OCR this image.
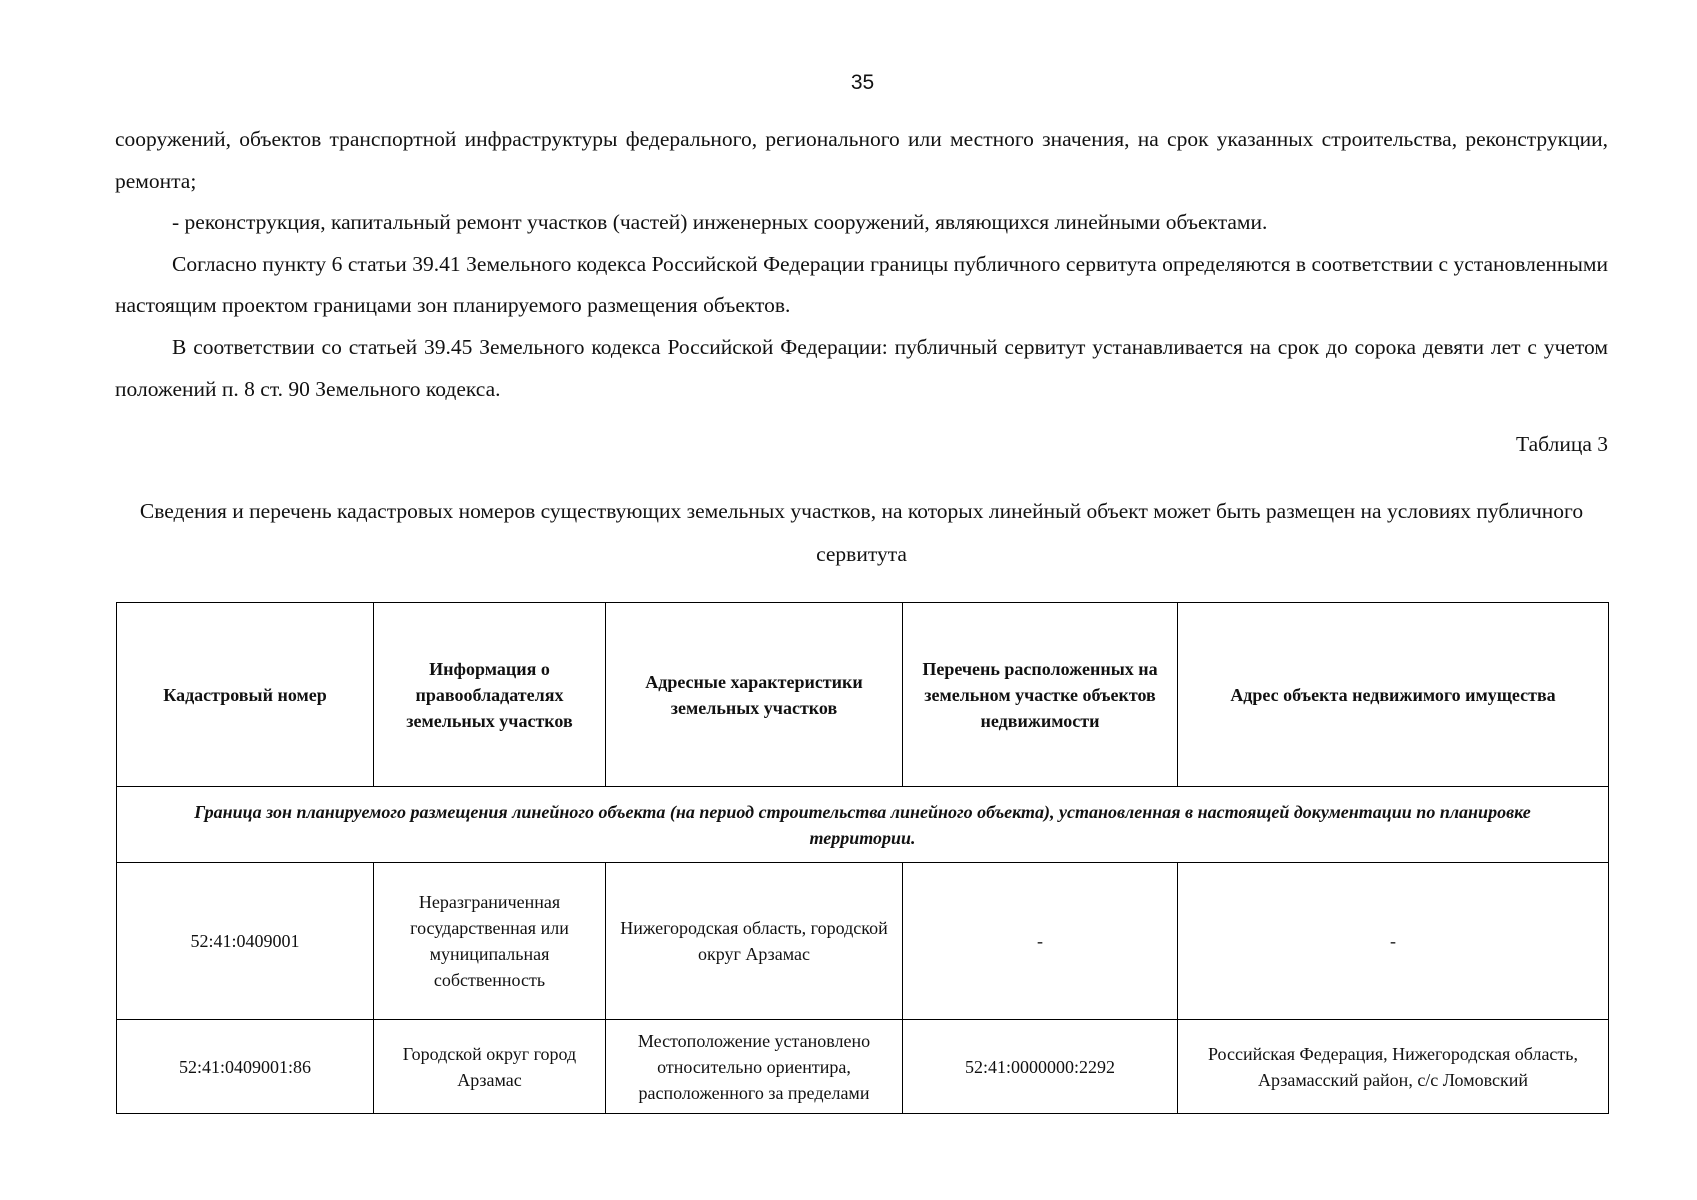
35

сооружений, объектов транспортной инфраструктуры федерального, регионального или местного значения, на срок указанных строительства, реконструкции, ремонта;

- реконструкция, капитальный ремонт участков (частей) инженерных сооружений, являющихся линейными объектами.

Согласно пункту 6 статьи 39.41 Земельного кодекса Российской Федерации границы публичного сервитута определяются в соответствии с установленными настоящим проектом границами зон планируемого размещения объектов.

В соответствии со статьей 39.45 Земельного кодекса Российской Федерации: публичный сервитут устанавливается на срок до сорока девяти лет с учетом положений п. 8 ст. 90 Земельного кодекса.

Таблица 3
Сведения и перечень кадастровых номеров существующих земельных участков, на которых линейный объект может быть размещен на условиях публичного сервитута
Кадастровый номер	Информация о правообладателях земельных участков	Адресные характеристики земельных участков	Перечень расположенных на земельном участке объектов недвижимости	Адрес объекта недвижимого имущества
Граница зон планируемого размещения линейного объекта (на период строительства линейного объекта), установленная в настоящей документации по планировке территории.				
52:41:0409001	Неразграниченная государственная или муниципальная собственность	Нижегородская область, городской округ Арзамас	-	-
52:41:0409001:86	Городской округ город Арзамас	Местоположение установлено относительно ориентира, расположенного за пределами	52:41:0000000:2292	Российская Федерация, Нижегородская область, Арзамасский район, с/с Ломовский
